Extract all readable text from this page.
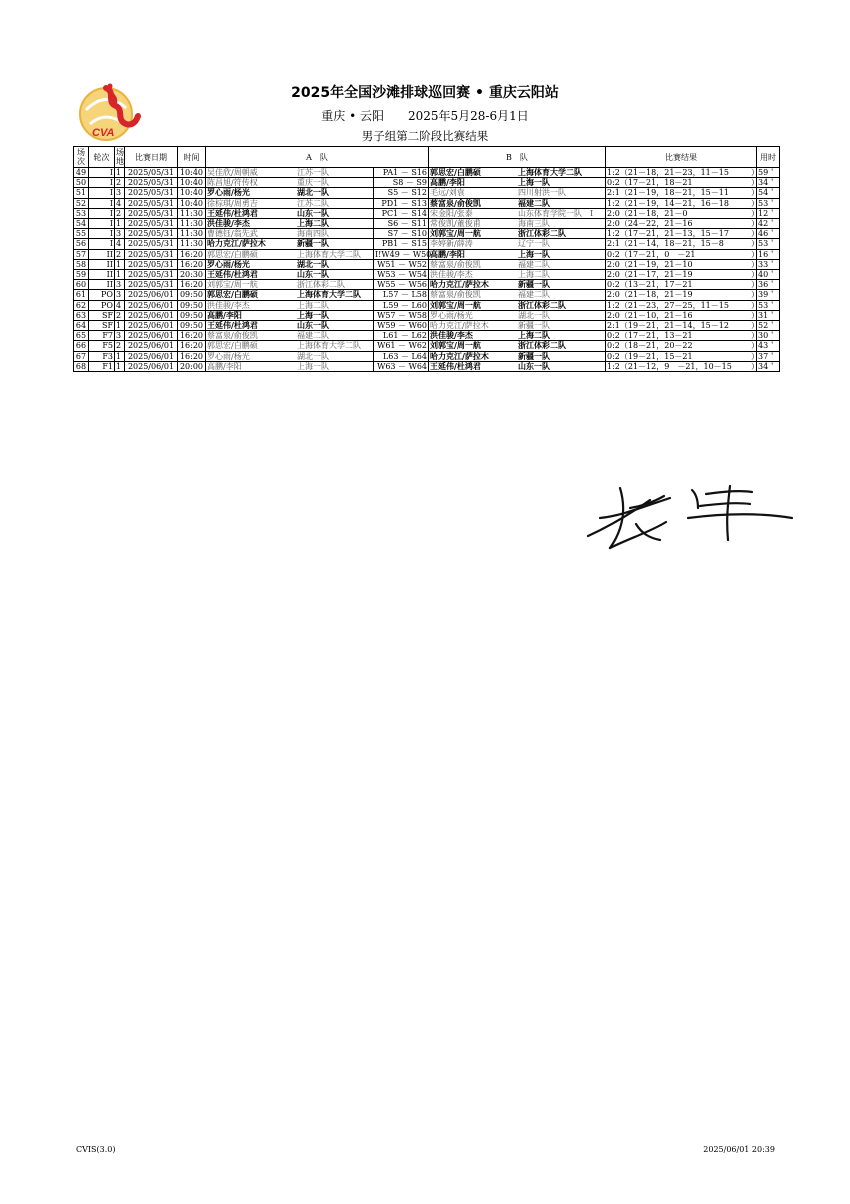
CVA
2025年全国沙滩排球巡回赛 • 重庆云阳站
重庆 • 云阳 2025年5月28-6月1日
男子组第二阶段比赛结果
场次	轮次	场地	比赛日期	时间	A　队		B　队	比赛结果	用时
49	I	1	2025/05/31	10:40	吴佳欣/周朝威 江苏一队	PA1 － S16	郭思宏/白鹏硕 上海体育大学二队	1:2（21－18，21－23，11－15 ）	59＇
50	I	2	2025/05/31	10:40	陈昌旭/符传权 重庆一队	S8 － S9	高鹏/李阳 上海一队	0:2（17－21，18－21 ）	34＇
51	I	3	2025/05/31	10:40	罗心雨/杨光 湖北一队	S5 － S12	毛远/刘袁 四川射洪一队	2:1（21－19，18－21，15－11 ）	54＇
52	I	4	2025/05/31	10:40	徐棕琪/周勇吉 江苏二队	PD1 － S13	蔡富泉/俞俊凯 福建二队	1:2（21－19，14－21，16－18 ）	53＇
53	I	2	2025/05/31	11:30	王延伟/杜鸿君 山东一队	PC1 － S14	宋金阳/张泰 山东体育学院一队　I	2:0（21－18，21－0 ）	12＇
54	I	1	2025/05/31	11:30	洪佳骏/李杰 上海二队	S6 － S11	常俊凯/董俊甫 海南三队	2:0（24－22，21－16 ）	42＇
55	I	3	2025/05/31	11:30	曹德钰/翁先武 海南四队	S7 － S10	刘郭宝/周一航 浙江体彩二队	1:2（17－21，21－13，15－17 ）	46＇
56	I	4	2025/05/31	11:30	哈力克江/萨拉木 新疆一队	PB1 － S15	李婷新/薛涛 辽宁一队	2:1（21－14，18－21，15－8 ）	53＇
57	II	2	2025/05/31	16:20	郭思宏/白鹏硕 上海体育大学二队	I!W49 － W50	高鹏/李阳 上海一队	0:2（17－21，0　－21 ）	16＇
58	II	1	2025/05/31	16:20	罗心雨/杨光 湖北一队	W51 － W52	蔡富泉/俞俊凯 福建二队	2:0（21－19，21－10 ）	33＇
59	II	1	2025/05/31	20:30	王延伟/杜鸿君 山东一队	W53 － W54	洪佳骏/李杰 上海二队	2:0（21－17，21－19 ）	40＇
60	II	3	2025/05/31	16:20	刘郭宝/周一航 浙江体彩二队	W55 － W56	哈力克江/萨拉木 新疆一队	0:2（13－21，17－21 ）	36＇
61	PO	3	2025/06/01	09:50	郭思宏/白鹏硕 上海体育大学二队	L57 － L58	蔡富泉/俞俊凯 福建二队	2:0（21－18，21－19 ）	39＇
62	PO	4	2025/06/01	09:50	洪佳骏/李杰 上海二队	L59 － L60	刘郭宝/周一航 浙江体彩二队	1:2（21－23，27－25，11－15 ）	53＇
63	SF	2	2025/06/01	09:50	高鹏/李阳 上海一队	W57 － W58	罗心雨/杨光 湖北一队	2:0（21－10，21－16 ）	31＇
64	SF	1	2025/06/01	09:50	王延伟/杜鸿君 山东一队	W59 － W60	哈力克江/萨拉木 新疆一队	2:1（19－21，21－14，15－12 ）	52＇
65	F7	3	2025/06/01	16:20	蔡富泉/俞俊凯 福建二队	L61 － L62	洪佳骏/李杰 上海二队	0:2（17－21，13－21 ）	30＇
66	F5	2	2025/06/01	16:20	郭思宏/白鹏硕 上海体育大学二队	W61 － W62	刘郭宝/周一航 浙江体彩二队	0:2（18－21，20－22 ）	43＇
67	F3	1	2025/06/01	16:20	罗心雨/杨光 湖北一队	L63 － L64	哈力克江/萨拉木 新疆一队	0:2（19－21，15－21 ）	37＇
68	F1	1	2025/06/01	20:00	高鹏/李阳 上海一队	W63 － W64	王延伟/杜鸿君 山东一队	1:2（21－12，9　－21，10－15 ）	34＇
CVIS(3.0)	2025/06/01 20:39
